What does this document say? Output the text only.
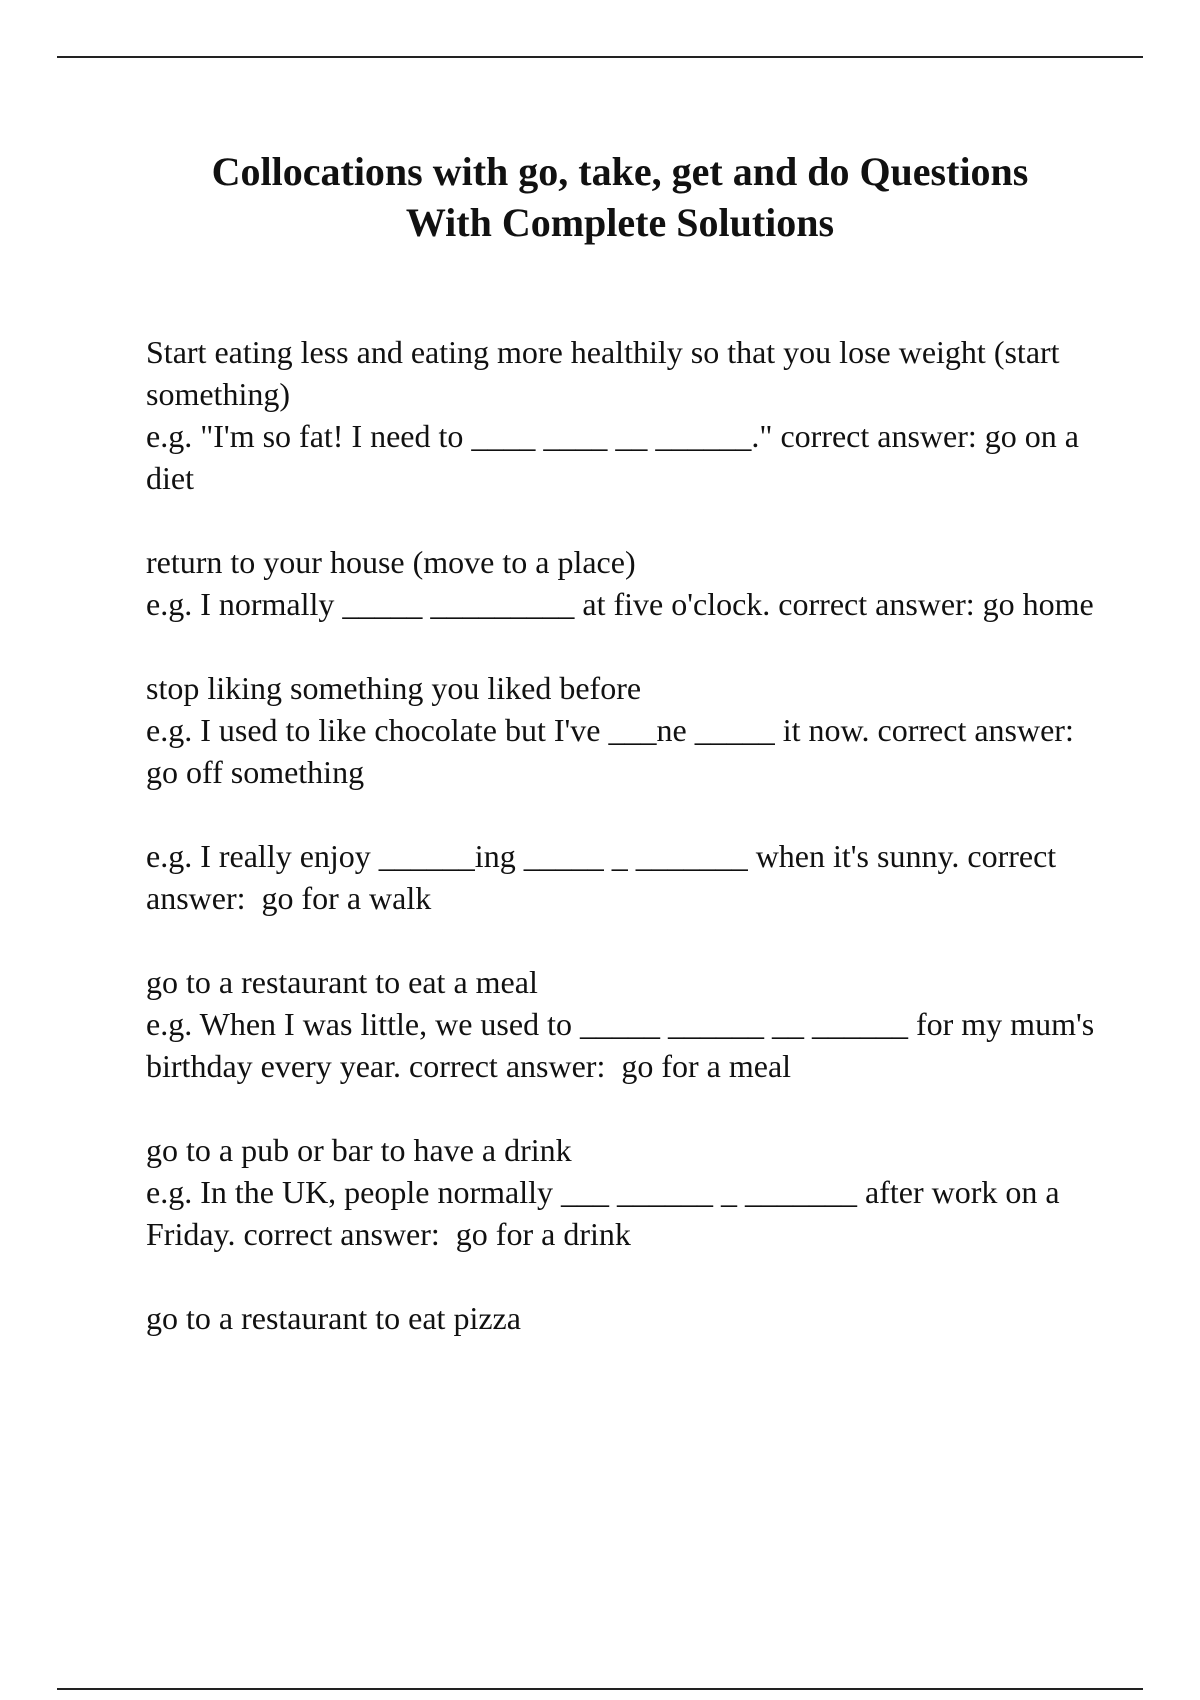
Collocations with go, take, get and do Questions
With Complete Solutions

Start eating less and eating more healthily so that you lose weight (start something)

e.g. "I'm so fat! I need to ____ ____ __ ______." correct answer: go on a diet

return to your house (move to a place)

e.g. I normally _____ _________ at five o'clock. correct answer: go home

stop liking something you liked before

e.g. I used to like chocolate but I've ___ne _____ it now. correct answer:  go off something

e.g. I really enjoy ______ing _____ _ _______ when it's sunny. correct answer:  go for a walk

go to a restaurant to eat a meal

e.g. When I was little, we used to _____ ______ __ ______ for my mum's birthday every year. correct answer:  go for a meal

go to a pub or bar to have a drink

e.g. In the UK, people normally ___ ______ _ _______ after work on a Friday. correct answer:  go for a drink

go to a restaurant to eat pizza
